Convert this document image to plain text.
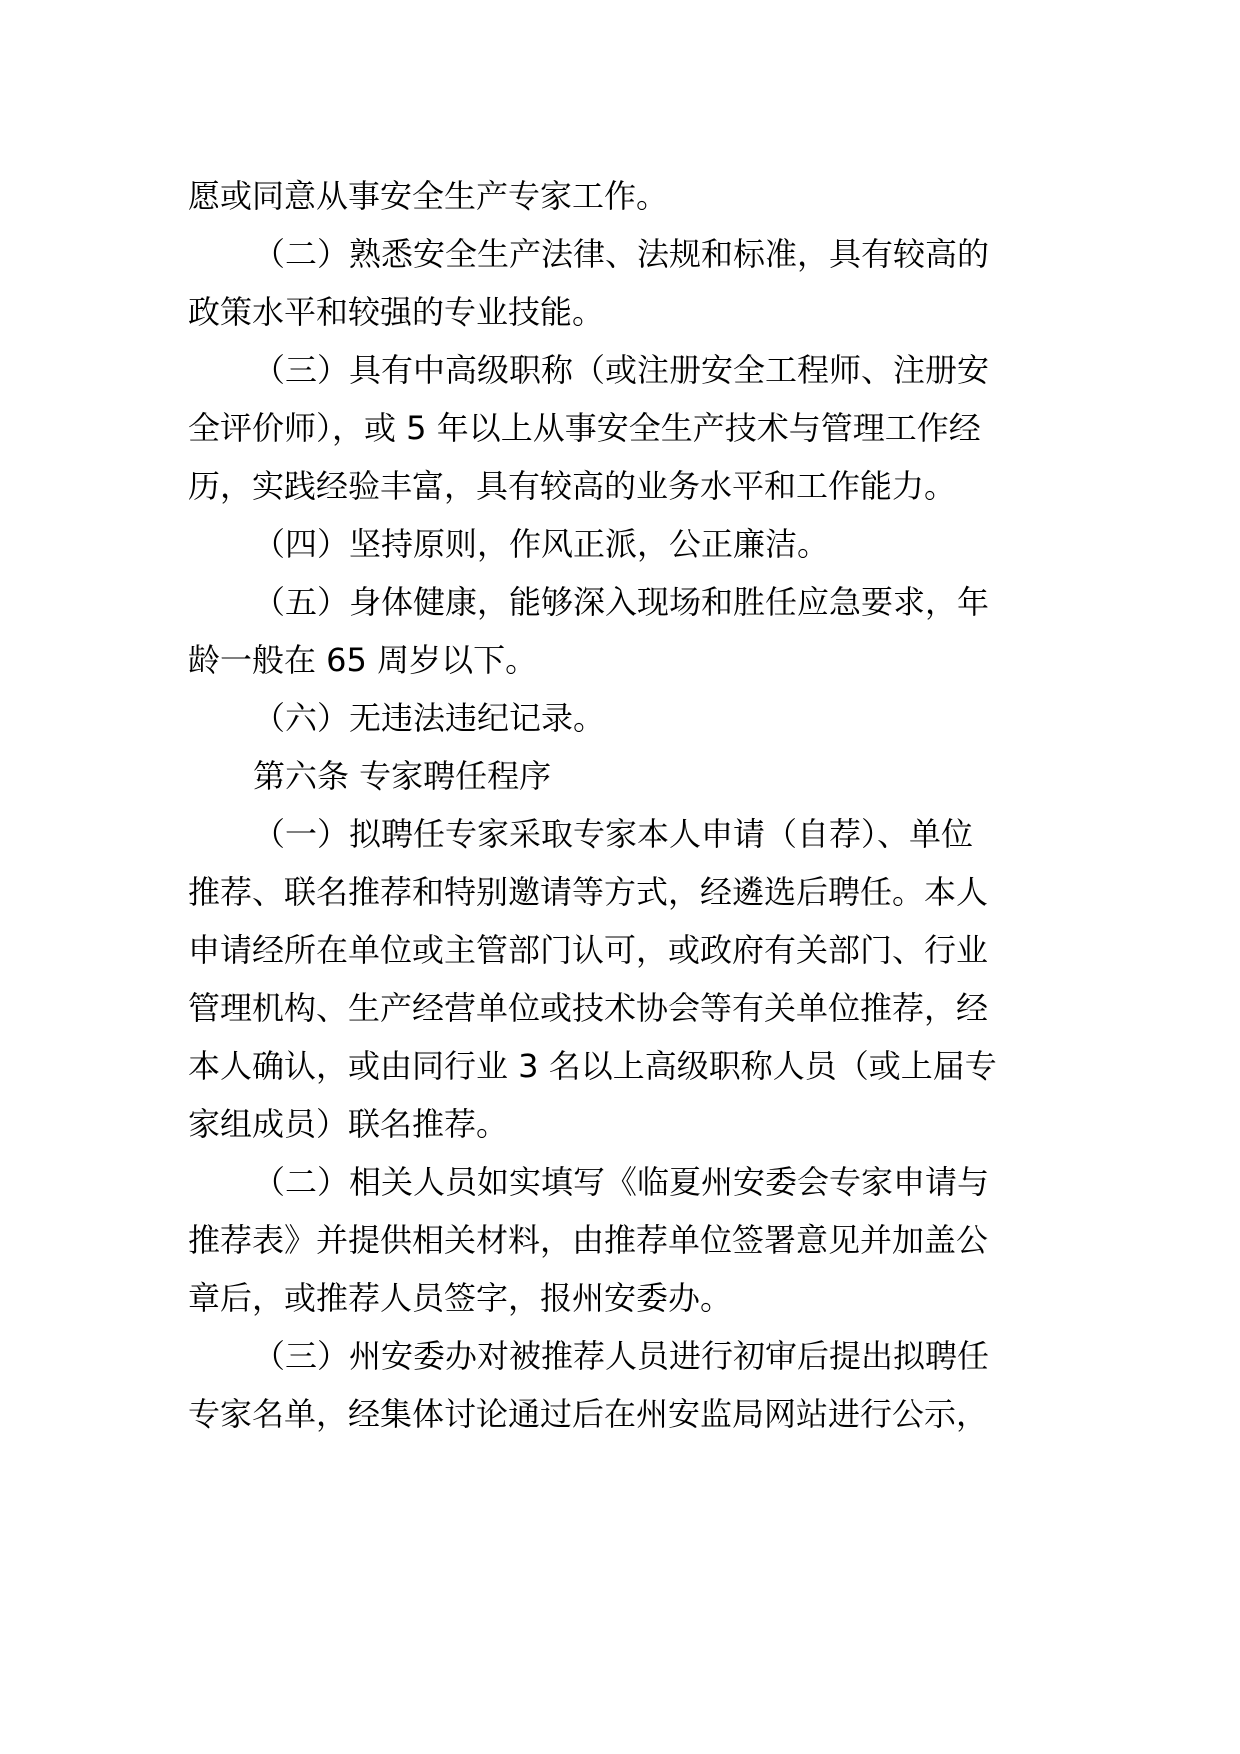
愿或同意从事安全生产专家工作。
（二）熟悉安全生产法律、法规和标准，具有较高的
政策水平和较强的专业技能。
（三）具有中高级职称（或注册安全工程师、注册安
全评价师），或 5 年以上从事安全生产技术与管理工作经
历，实践经验丰富，具有较高的业务水平和工作能力。
（四）坚持原则，作风正派，公正廉洁。
（五）身体健康，能够深入现场和胜任应急要求，年
龄一般在 65 周岁以下。
（六）无违法违纪记录。
第六条 专家聘任程序
（一）拟聘任专家采取专家本人申请（自荐）、单位
推荐、联名推荐和特别邀请等方式，经遴选后聘任。本人
申请经所在单位或主管部门认可，或政府有关部门、行业
管理机构、生产经营单位或技术协会等有关单位推荐，经
本人确认，或由同行业 3 名以上高级职称人员（或上届专
家组成员）联名推荐。
（二）相关人员如实填写《临夏州安委会专家申请与
推荐表》并提供相关材料，由推荐单位签署意见并加盖公
章后，或推荐人员签字，报州安委办。
（三）州安委办对被推荐人员进行初审后提出拟聘任
专家名单，经集体讨论通过后在州安监局网站进行公示，
